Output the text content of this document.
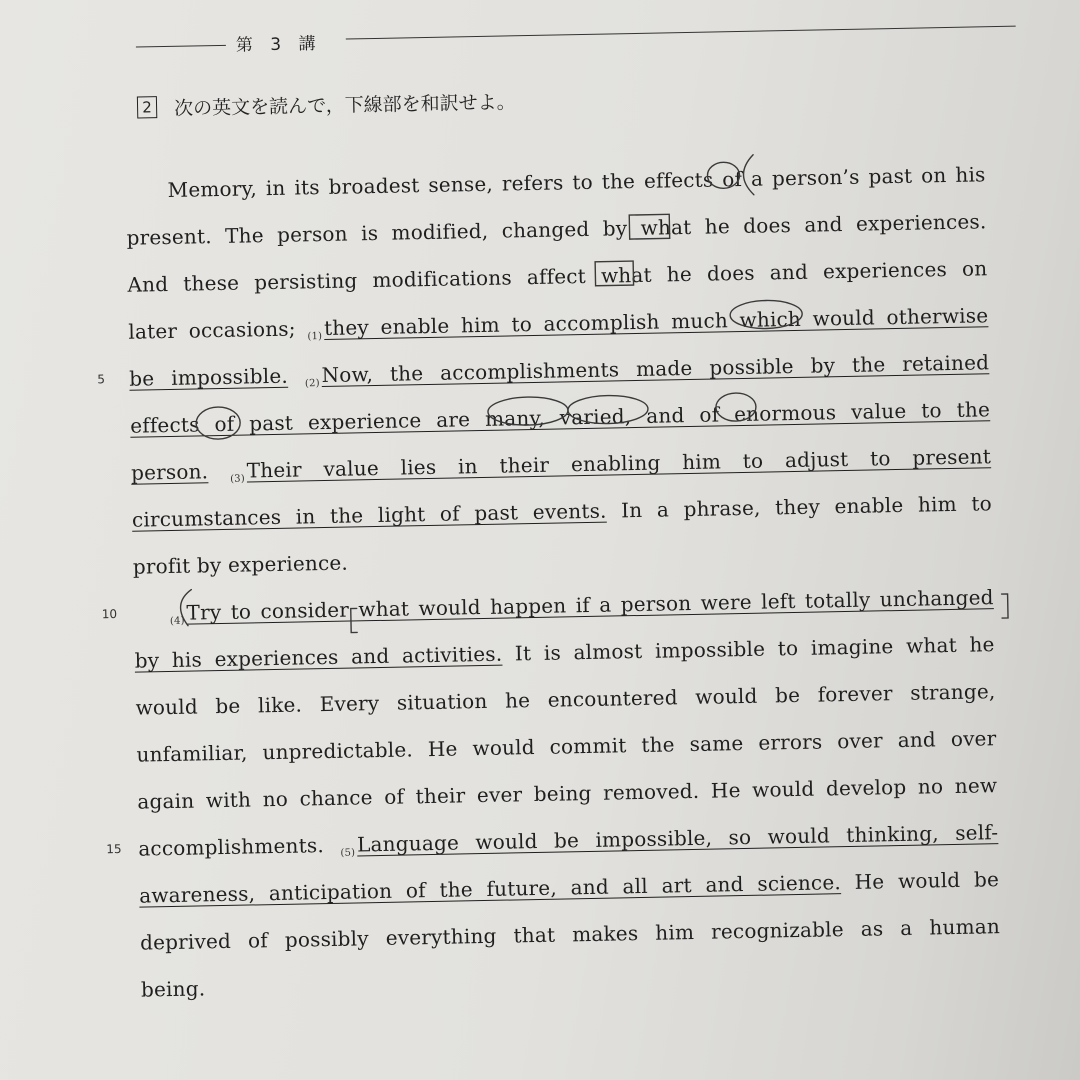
第 3 講
2 次の英文を読んで，下線部を和訳せよ。
Memory, in its broadest sense, refers to the effects of a person’s past on his
present. The person is modified, changed by what he does and experiences.
And these persisting modifications affect what he does and experiences on
later occasions; $_{(1)}$they enable him to accomplish much which would otherwise
5 be impossible. $_{(2)}$Now, the accomplishments made possible by the retained
effects of past experience are many, varied, and of enormous value to the
person. $_{(3)}$Their value lies in their enabling him to adjust to present
circumstances in the light of past events. In a phrase, they enable him to
profit by experience.
10
$_{(4)}$Try to consider what would happen if a person were left totally unchanged
by his experiences and activities. It is almost impossible to imagine what he
would be like. Every situation he encountered would be forever strange,
unfamiliar, unpredictable. He would commit the same errors over and over
again with no chance of their ever being removed. He would develop no new
15 accomplishments. $_{(5)}$Language would be impossible, so would thinking, self-
awareness, anticipation of the future, and all art and science. He would be
deprived of possibly everything that makes him recognizable as a human
being.
